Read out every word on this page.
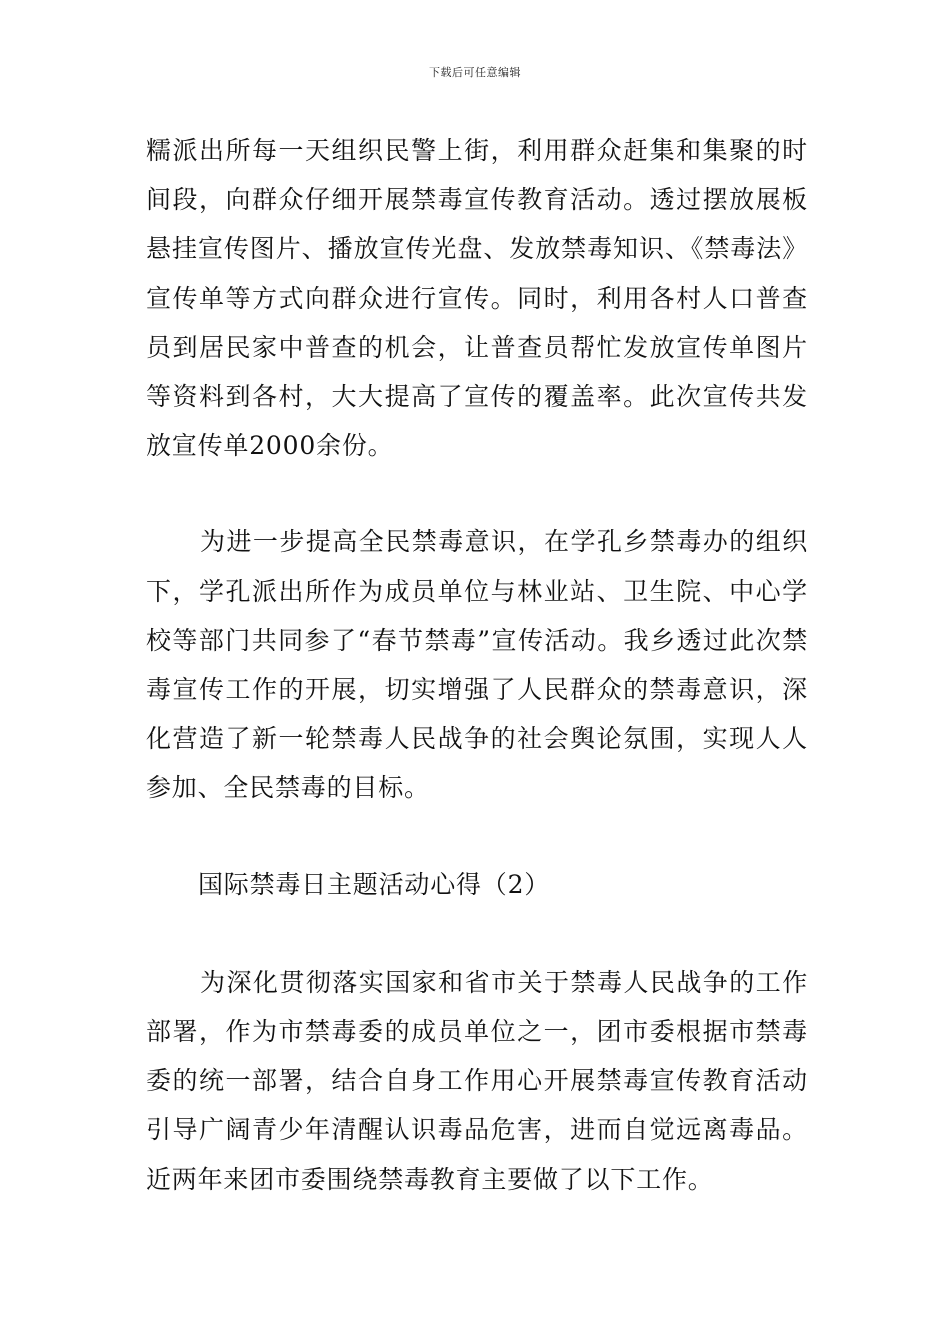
下载后可任意编辑

糯派出所每一天组织民警上街，利用群众赶集和集聚的时间段，向群众仔细开展禁毒宣传教育活动。透过摆放展板悬挂宣传图片、播放宣传光盘、发放禁毒知识、《禁毒法》宣传单等方式向群众进行宣传。同时，利用各村人口普查员到居民家中普查的机会，让普查员帮忙发放宣传单图片等资料到各村，大大提高了宣传的覆盖率。此次宣传共发放宣传单2000余份。

为进一步提高全民禁毒意识，在学孔乡禁毒办的组织下，学孔派出所作为成员单位与林业站、卫生院、中心学校等部门共同参了“春节禁毒”宣传活动。我乡透过此次禁毒宣传工作的开展，切实增强了人民群众的禁毒意识，深化营造了新一轮禁毒人民战争的社会舆论氛围，实现人人参加、全民禁毒的目标。

国际禁毒日主题活动心得（2）

为深化贯彻落实国家和省市关于禁毒人民战争的工作部署，作为市禁毒委的成员单位之一，团市委根据市禁毒委的统一部署，结合自身工作用心开展禁毒宣传教育活动引导广阔青少年清醒认识毒品危害，进而自觉远离毒品。近两年来团市委围绕禁毒教育主要做了以下工作。
